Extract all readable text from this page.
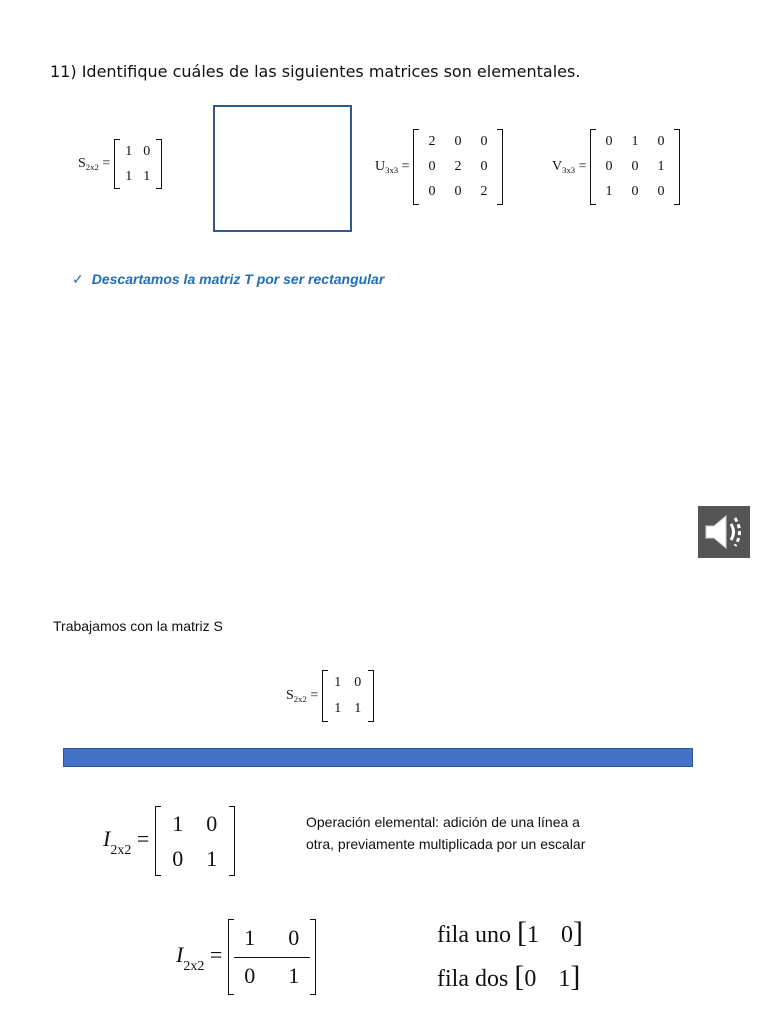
11) Identifique cuáles de las siguientes matrices son elementales.
$S_{2x2}$ =
1	0
1	1
$U_{3x3}$ =
2	0	0
0	2	0
0	0	2
$V_{3x3}$ =
0	1	0
0	0	1
1	0	0
✓ Descartamos la matriz T por ser rectangular
Trabajamos con la matriz S
$S_{2x2}$ =
1	0
1	1
$I_{2x2}$ =
1	0
0	1
Operación elemental: adición de una línea a
otra, previamente multiplicada por un escalar
$I_{2x2}$ =
1		0
0		1
fila uno [1 0]
fila dos [0 1]
